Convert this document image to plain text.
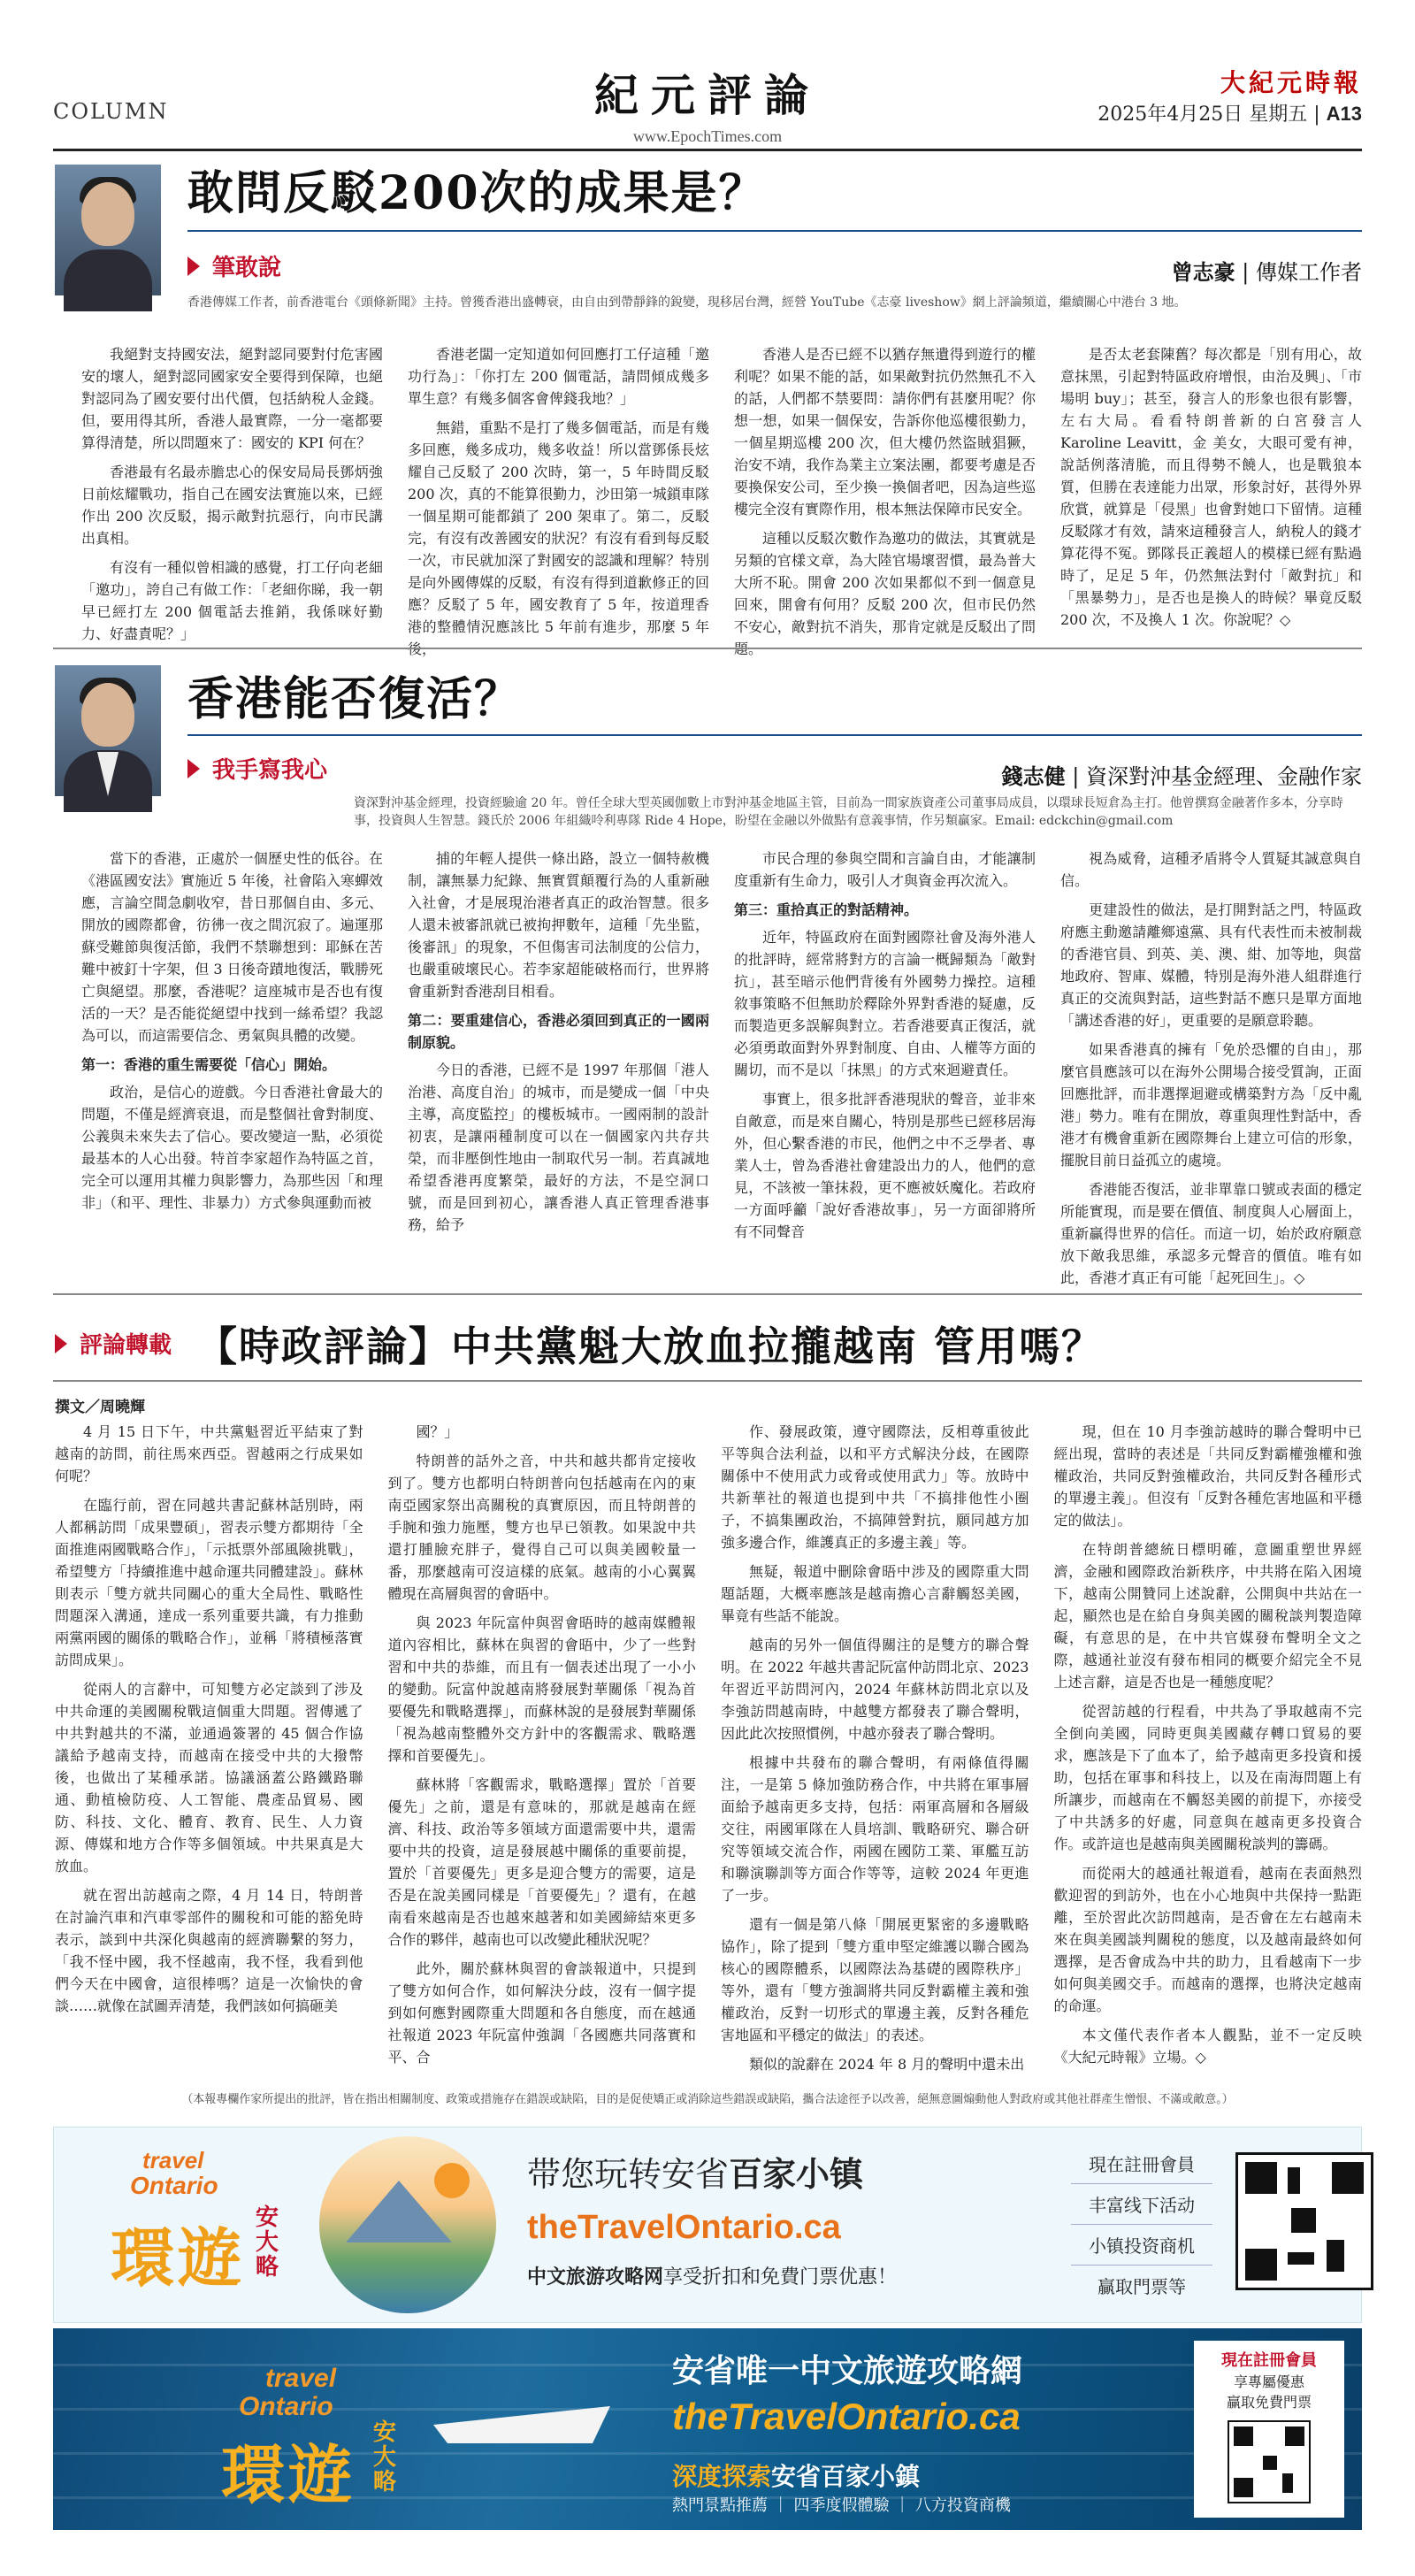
COLUMN	紀元評論
www.EpochTimes.com
大紀元時報
2025年4月25日 星期五 | A13
敢問反駁200次的成果是？
筆敢說	曾志豪 | 傳媒工作者
香港傳媒工作者，前香港電台《頭條新聞》主持。曾獲香港出盛轉衰，由自由到帶靜鋒的銳變，現移居台灣，經營 YouTube《志豪 liveshow》網上評論頻道，繼續關心中港台 3 地。

我絕對支持國安法，絕對認同要對付危害國安的壞人，絕對認同國家安全要得到保障，也絕對認同為了國安要付出代價，包括納稅人金錢。但，要用得其所，香港人最實際，一分一毫都要算得清楚，所以問題來了：國安的 KPI 何在？

香港最有名最赤膽忠心的保安局局長鄧炳強日前炫耀戰功，指自己在國安法實施以來，已經作出 200 次反駁，揭示敵對抗惡行，向市民講出真相。

有沒有一種似曾相識的感覺，打工仔向老細「邀功」，誇自己有做工作：「老細你睇，我一朝早已經打左 200 個電話去推銷，我係咪好勤力、好盡責呢？」

香港老闆一定知道如何回應打工仔這種「邀功行為」：「你打左 200 個電話，請問傾成幾多單生意？有幾多個客會俾錢我地？」

無錯，重點不是打了幾多個電話，而是有幾多回應，幾多成功，幾多收益！所以當鄧係長炫耀自己反駁了 200 次時，第一，5 年時間反駁 200 次，真的不能算很勤力，沙田第一城鎖車隊一個星期可能都鎖了 200 架車了。第二，反駁完，有沒有改善國安的狀況？有沒有看到每反駁一次，市民就加深了對國安的認識和理解？特別是向外國傳媒的反駁，有沒有得到道歉修正的回應？反駁了 5 年，國安教育了 5 年，按道理香港的整體情況應該比 5 年前有進步，那麼 5 年

香港人是否已經不以猶存無遺得到遊行的權利呢？如果不能的話，如果敵對抗仍然無孔不入的話，人們都不禁要問：請你們有甚麼用呢？你想一想，如果一個保安，告訴你他巡樓很勤力，一個星期巡樓 200 次，但大樓仍然盜賊猖獗，治安不靖，我作為業主立案法團，都要考慮是否要換保安公司，至少換一換個者吧，因為這些巡樓完全沒有實際作用，根本無法保障市民安全。

這種以反駁次數作為邀功的做法，其實就是另類的官樣文章，為大陸官場壞習慣，最為普大大所不恥。開會 200 次如果都似不到一個意見回來，開會有何用？反駁 200 次，但市民仍然不安心，敵對抗不消失，那肯定就是反駁出了問

是否太老套陳舊？每次都是「別有用心，故意抹黑，引起對特區政府增恨，由治及興」、「市場明 buy」；甚至，發言人的形象也很有影響，左右大局。看看特朗普新的白宮發言人 Karoline Leavitt，金 美女，大眼可愛有神，說話例落清脆，而且得勢不饒人，也是戰狼本質，但勝在表達能力出眾，形象討好，甚得外界欣賞，就算是「侵黑」也會對她口下留情。這種反駁隊才有效，請來這種發言人，納稅人的錢才算花得不冤。鄧隊長正義超人的模樣已經有點過時了，足足 5 年，仍然無法對付「敵對抗」和「黑暴勢力」，是否也是換人的時候？畢竟反駁 200 次，不及換人 1 次。你說呢？◇

香港能否復活？
我手寫我心	錢志健 | 資深對沖基金經理、金融作家
資深對沖基金經理，投資經驗逾 20 年。曾任全球大型英國伽數上市對沖基金地區主管，目前為一間家族資產公司董事局成員，以環球長短倉為主打。他曾撰寫金融著作多本，分享時事，投資與人生智慧。錢氏於 2006 年組織呤利專隊 Ride 4 Hope，盼望在金融以外做點有意義事情，作另類贏家。Email: edckchin@gmail.com

當下的香港，正處於一個歷史性的低谷。在《港區國安法》實施近 5 年後，社會陷入寒蟬效應，言論空間急劇收窄，昔日那個自由、多元、開放的國際都會，彷彿一夜之間沉寂了。遍運那蘇受難節與復活節，我們不禁聯想到：耶穌在苦難中被釘十字架，但 3 日後奇蹟地復活，戰勝死亡與絕望。那麼，香港呢？這座城市是否也有復活的一天？是否能從絕望中找到一絲希望？我認為可以，而這需要信念、勇氣與具體的改變。

第一：香港的重生需要從「信心」開始。

政治，是信心的遊戲。今日香港社會最大的問題，不僅是經濟衰退，而是整個社會對制度、公義與未來失去了信心。要改變這一點，必須從最基本的人心出發。特首李家超作為特區之首，完全可以運用其權力與影響力，為那些因「和理非」（和平、理性、非暴力）方式參與運動而被

捕的年輕人提供一條出路，設立一個特赦機制，讓無暴力紀錄、無實質顛覆行為的人重新融入社會，才是展現治港者真正的政治智慧。很多人還未被審訊就已被拘押數年，這種「先坐監，後審訊」的現象，不但傷害司法制度的公信力，也嚴重破壞民心。若李家超能破格而行，世界將會重新對香港刮目相看。

第二：要重建信心，香港必須回到真正的一國兩制原貌。

今日的香港，已經不是 1997 年那個「港人治港、高度自治」的城市，而是變成一個「中央主導，高度監控」的樓板城市。一國兩制的設計初衷，是讓兩種制度可以在一個國家內共存共榮，而非壓倒性地由一制取代另一制。若真誠地希望香港再度繁榮，最好的方法，不是空洞口號，而是回到初心，讓香港人真正管理香港事務，給予

市民合理的參與空間和言論自由，才能讓制度重新有生命力，吸引人才與資金再次流入。

第三：重拾真正的對話精神。

近年，特區政府在面對國際社會及海外港人的批評時，經常將對方的言論一概歸類為「敵對抗」，甚至暗示他們背後有外國勢力操控。這種敘事策略不但無助於釋除外界對香港的疑慮，反而製造更多誤解與對立。若香港要真正復活，就必須勇敢面對外界對制度、自由、人權等方面的關切，而不是以「抹黑」的方式來迴避責任。

事實上，很多批評香港現狀的聲音，並非來自敵意，而是來自關心，特別是那些已經移居海外，但心繫香港的市民，他們之中不乏學者、專業人士，曾為香港社會建設出力的人，他們的意見，不該被一筆抹殺，更不應被妖魔化。若政府一方面呼籲「說好香港故事」，另一方面卻將所有不同聲音

視為威脅，這種矛盾將令人質疑其誠意與自信。

更建設性的做法，是打開對話之門，特區政府應主動邀請離鄉遠黨、具有代表性而未被制裁的香港官員、到英、美、澳、紺、加等地，與當地政府、智庫、媒體，特別是海外港人組群進行真正的交流與對話，這些對話不應只是單方面地「講述香港的好」，更重要的是願意聆聽。

如果香港真的擁有「免於恐懼的自由」，那麼官員應該可以在海外公開場合接受質詢，正面回應批評，而非選擇迴避或構築對方為「反中亂港」勢力。唯有在開放，尊重與理性對話中，香港才有機會重新在國際舞台上建立可信的形象，擺脫目前日益孤立的處境。

香港能否復活，並非單靠口號或表面的穩定所能實現，而是要在價值、制度與人心層面上，重新贏得世界的信任。而這一切，始於政府願意放下敵我思維，承認多元聲音的價值。唯有如此，香港才真正有可能「起死回生」。◇

評論轉載 【時政評論】中共黨魁大放血拉攏越南 管用嗎？
撰文／周曉輝

4 月 15 日下午，中共黨魁習近平結束了對越南的訪問，前往馬來西亞。習越兩之行成果如何呢？

在臨行前，習在同越共書記蘇林話別時，兩人都稱訪問「成果豐碩」，習表示雙方都期待「全面推進兩國戰略合作」，「示抵票外部風險挑戰」，希望雙方「持續推進中越命運共同體建設」。蘇林則表示「雙方就共同關心的重大全局性、戰略性問題深入溝通，達成一系列重要共識，有力推動兩黨兩國的關係的戰略合作」，並稱「將積極落實訪問成果」。

從兩人的言辭中，可知雙方必定談到了涉及中共命運的美國關稅戰這個重大問題。習傳遞了中共對越共的不滿，並通過簽署的 45 個合作協議給予越南支持，而越南在接受中共的大撥幣後，也做出了某種承諾。協議涵蓋公路鐵路聯通、動植檢防疫、人工智能、農產品貿易、國防、科技、文化、體育、教育、民生、人力資源、傳媒和地方合作等多個領域。中共果真是大放血。

就在習出訪越南之際，4 月 14 日，特朗普在討論汽車和汽車零部件的關稅和可能的豁免時表示，談到中共深化與越南的經濟聯繫的努力，「我不怪中國，我不怪越南，我不怪，我看到他們今天在中國會，這很棒嗎？這是一次愉快的會談……就像在試圖弄清楚，我們該如何搞砸美

國？」

特朗普的話外之音，中共和越共都肯定接收到了。雙方也都明白特朗普向包括越南在內的東南亞國家祭出高關稅的真實原因，而且特朗普的手腕和強力施壓，雙方也早已領教。如果說中共還打腫臉充胖子，覺得自己可以與美國較量一番，那麼越南可沒這樣的底氣。越南的小心翼翼體現在高層與習的會晤中。

與 2023 年阮富仲與習會晤時的越南媒體報道內容相比，蘇林在與習的會晤中，少了一些對習和中共的恭維，而且有一個表述出現了一小小的變動。阮富仲說越南將發展對華關係「視為首要優先和戰略選擇」，而蘇林說的是發展對華關係「視為越南整體外交方針中的客觀需求、戰略選擇和首要優先」。

蘇林將「客觀需求，戰略選擇」置於「首要優先」之前，還是有意味的，那就是越南在經濟、科技、政治等多領域方面還需要中共，還需要中共的投資，這是發展越中關係的重要前提，置於「首要優先」更多是迎合雙方的需要，這是否是在說美國同樣是「首要優先」？還有，在越南看來越南是否也越來越著和如美國締結來更多合作的夥伴，越南也可以改變此種狀況呢？

此外，關於蘇林與習的會談報道中，只提到了雙方如何合作，如何解決分歧，沒有一個字提到如何應對國際重大問題和各自態度，而在越通社報道 2023 年阮富仲強調「各國應共同落實和平、合

作、發展政策，遵守國際法，反相尊重彼此平等與合法利益，以和平方式解決分歧，在國際關係中不使用武力或脅或使用武力」等。放時中共新華社的報道也提到中共「不搞排他性小圈子，不搞集團政治，不搞陣營對抗，願同越方加強多邊合作，維護真正的多邊主義」等。

無疑，報道中刪除會晤中涉及的國際重大問題話題，大概率應該是越南擔心言辭觸怒美國，畢竟有些話不能說。

越南的另外一個值得關注的是雙方的聯合聲明。在 2022 年越共書記阮富仲訪問北京、2023 年習近平訪問河內，2024 年蘇林訪問北京以及李強訪問越南時，中越雙方都發表了聯合聲明，因此此次按照慣例，中越亦發表了聯合聲明。

根據中共發布的聯合聲明，有兩條值得關注，一是第 5 條加強防務合作，中共將在軍事層面給予越南更多支持，包括：兩軍高層和各層級交往，兩國軍隊在人員培訓、戰略研究、聯合研究等領域交流合作，兩國在國防工業、軍艦互訪和聯演聯訓等方面合作等等，這較 2024 年更進了一步。

還有一個是第八條「開展更緊密的多邊戰略協作」，除了提到「雙方重申堅定維護以聯合國為核心的國際體系，以國際法為基礎的國際秩序」等外，還有「雙方強調將共同反對霸權主義和強權政治，反對一切形式的單邊主義，反對各種危害地區和平穩定的做法」的表述。

類似的說辭在 2024 年 8 月的聲明中還未出

現，但在 10 月李強訪越時的聯合聲明中已經出現，當時的表述是「共同反對霸權強權和強權政治，共同反對強權政治，共同反對各種形式的單邊主義」。但沒有「反對各種危害地區和平穩定的做法」。

在特朗普總統日標明確，意圖重塑世界經濟，金融和國際政治新秩序，中共將在陷入困境下，越南公開贊同上述說辭，公開與中共站在一起，顯然也是在給自身與美國的關稅談判製造障礙，有意思的是，在中共官媒發布聲明全文之際，越通社並沒有發布相同的概要介紹完全不見上述言辭，這是否也是一種態度呢？

從習訪越的行程看，中共為了爭取越南不完全倒向美國，同時更與美國藏存轉口貿易的要求，應該是下了血本了，給予越南更多投資和援助，包括在軍事和科技上，以及在南海問題上有所讓步，而越南在不觸怒美國的前提下，亦接受了中共誘多的好處，同意與在越南更多投資合作。或許這也是越南與美國關稅談判的籌碼。

而從兩大的越通社報道看，越南在表面熱烈歡迎習的到訪外，也在小心地與中共保持一點距離，至於習此次訪問越南，是否會在左右越南未來在與美國談判關稅的態度，以及越南最終如何選擇，是否會成為中共的助力，且看越南下一步如何與美國交手。而越南的選擇，也將決定越南的命運。

本文僅代表作者本人觀點，並不一定反映《大紀元時報》立場。◇

（本報專欄作家所提出的批評，皆在指出相關制度、政策或措施存在錯誤或缺陷，目的是促使矯正或消除這些錯誤或缺陷，攜合法途徑予以改善，絕無意圖煽動他人對政府或其他社群產生憎恨、不滿或敵意。）
travel
Ontario
環遊
安大略
带您玩转安省百家小镇
theTravelOntario.ca
中文旅游攻略网享受折扣和免費门票优惠！
現在註冊會員
丰富线下活动
小镇投资商机
贏取門票等
travel
Ontario
環遊
安大略
安省唯一中文旅遊攻略網
theTravelOntario.ca
深度探索安省百家小鎮
熱門景點推薦 ｜ 四季度假體驗 ｜ 八方投資商機
現在註冊會員
享專屬優惠
贏取免費門票
